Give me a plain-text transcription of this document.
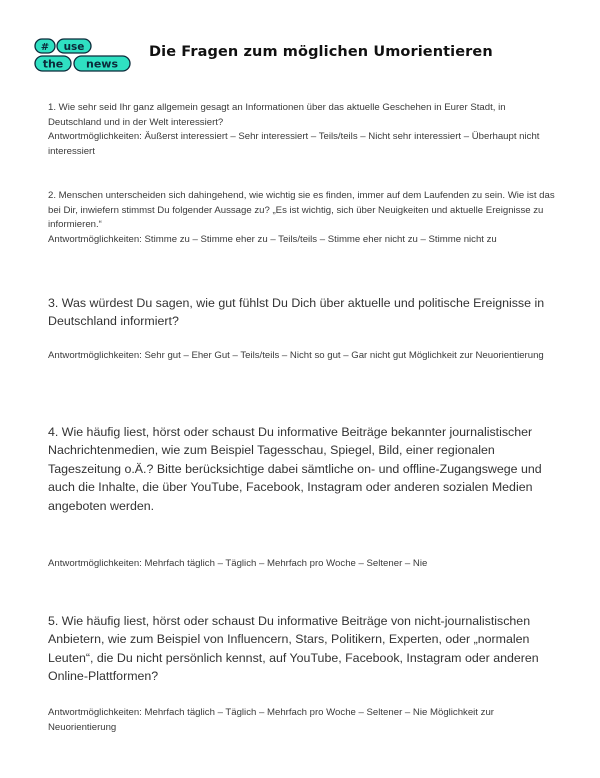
# use
the news
Die Fragen zum möglichen Umorientieren

1. Wie sehr seid Ihr ganz allgemein gesagt an Informationen über das aktuelle Geschehen in Eurer Stadt, in Deutschland und in der Welt interessiert?

Antwortmöglichkeiten: Äußerst interessiert – Sehr interessiert – Teils/teils – Nicht sehr interessiert – Überhaupt nicht interessiert

2. Menschen unterscheiden sich dahingehend, wie wichtig sie es finden, immer auf dem Laufenden zu sein. Wie ist das bei Dir, inwiefern stimmst Du folgender Aussage zu? „Es ist wichtig, sich über Neuigkeiten und aktuelle Ereignisse zu informieren.“

Antwortmöglichkeiten: Stimme zu – Stimme eher zu – Teils/teils – Stimme eher nicht zu – Stimme nicht zu

3. Was würdest Du sagen, wie gut fühlst Du Dich über aktuelle und politische Ereignisse in Deutschland informiert?
Antwortmöglichkeiten: Sehr gut – Eher Gut – Teils/teils – Nicht so gut – Gar nicht gut Möglichkeit zur Neuorientierung
4. Wie häufig liest, hörst oder schaust Du informative Beiträge bekannter journalistischer Nachrichtenmedien, wie zum Beispiel Tagesschau, Spiegel, Bild, einer regionalen Tageszeitung o.Ä.? Bitte berücksichtige dabei sämtliche on- und offline-Zugangswege und auch die Inhalte, die über YouTube, Facebook, Instagram oder anderen sozialen Medien angeboten werden.
Antwortmöglichkeiten: Mehrfach täglich – Täglich – Mehrfach pro Woche – Seltener – Nie
5. Wie häufig liest, hörst oder schaust Du informative Beiträge von nicht-journalistischen Anbietern, wie zum Beispiel von Influencern, Stars, Politikern, Experten, oder „normalen Leuten“, die Du nicht persönlich kennst, auf YouTube, Facebook, Instagram oder anderen Online-Plattformen?
Antwortmöglichkeiten: Mehrfach täglich – Täglich – Mehrfach pro Woche – Seltener – Nie Möglichkeit zur Neuorientierung
